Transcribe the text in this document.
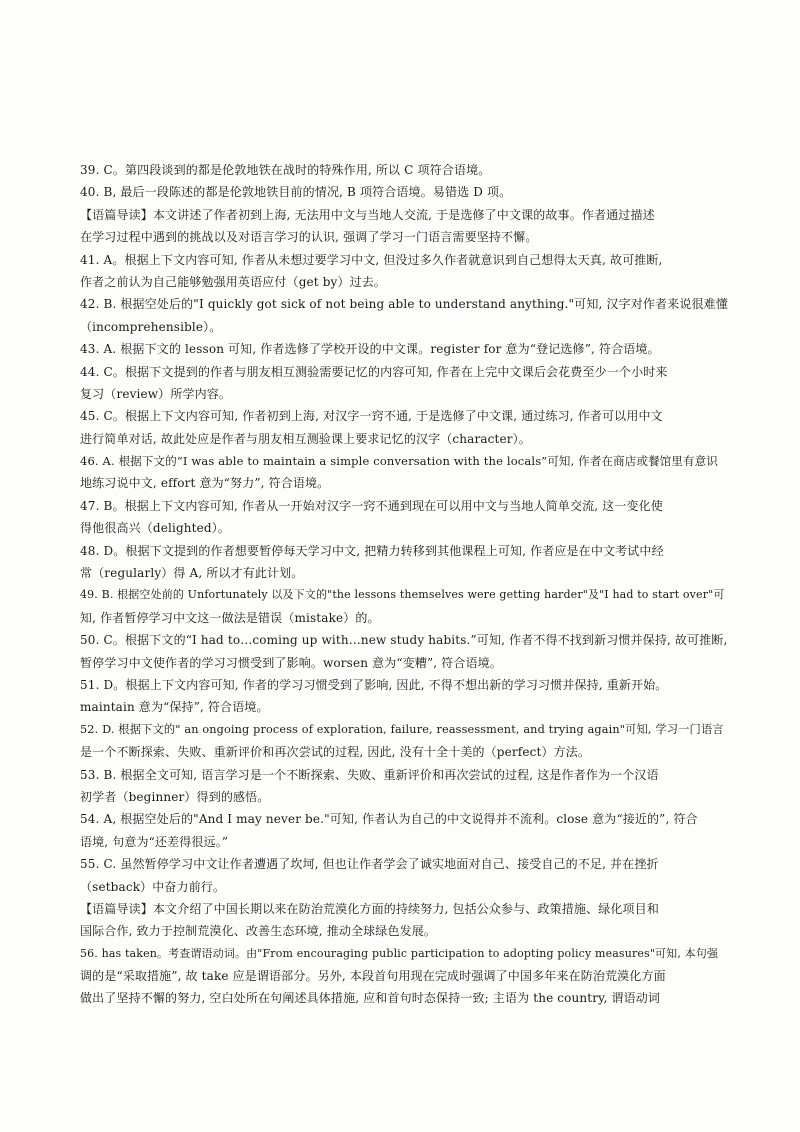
39. C。第四段谈到的都是伦敦地铁在战时的特殊作用, 所以 C 项符合语境。
40. B, 最后一段陈述的都是伦敦地铁目前的情况, B 项符合语境。易错选 D 项。
【语篇导读】本文讲述了作者初到上海, 无法用中文与当地人交流, 于是选修了中文课的故事。作者通过描述
在学习过程中遇到的挑战以及对语言学习的认识, 强调了学习一门语言需要坚持不懈。
41. A。根据上下文内容可知, 作者从未想过要学习中文, 但没过多久作者就意识到自己想得太天真, 故可推断,
作者之前认为自己能够勉强用英语应付（get by）过去。
42. B. 根据空处后的"I quickly got sick of not being able to understand anything."可知, 汉字对作者来说很难懂
（incomprehensible）。
43. A. 根据下文的 lesson 可知, 作者选修了学校开设的中文课。register for 意为“登记选修”, 符合语境。
44. C。根据下文提到的作者与朋友相互测验需要记忆的内容可知, 作者在上完中文课后会花费至少一个小时来
复习（review）所学内容。
45. C。根据上下文内容可知, 作者初到上海, 对汉字一窍不通, 于是选修了中文课, 通过练习, 作者可以用中文
进行简单对话, 故此处应是作者与朋友相互测验课上要求记忆的汉字（character）。
46. A. 根据下文的“I was able to maintain a simple conversation with the locals”可知, 作者在商店或餐馆里有意识
地练习说中文, effort 意为“努力”, 符合语境。
47. B。根据上下文内容可知, 作者从一开始对汉字一窍不通到现在可以用中文与当地人简单交流, 这一变化使
得他很高兴（delighted）。
48. D。根据下文提到的作者想要暂停每天学习中文, 把精力转移到其他课程上可知, 作者应是在中文考试中经
常（regularly）得 A, 所以才有此计划。
49. B. 根据空处前的 Unfortunately 以及下文的"the lessons themselves were getting harder"及"I had to start over"可
知, 作者暂停学习中文这一做法是错误（mistake）的。
50. C。根据下文的“I had to…coming up with…new study habits.”可知, 作者不得不找到新习惯并保持, 故可推断,
暂停学习中文使作者的学习习惯受到了影响。worsen 意为“变糟”, 符合语境。
51. D。根据上下文内容可知, 作者的学习习惯受到了影响, 因此, 不得不想出新的学习习惯并保持, 重新开始。
maintain 意为“保持”, 符合语境。
52. D. 根据下文的" an ongoing process of exploration, failure, reassessment, and trying again"可知, 学习一门语言
是一个不断探索、失败、重新评价和再次尝试的过程, 因此, 没有十全十美的（perfect）方法。
53. B. 根据全文可知, 语言学习是一个不断探索、失败、重新评价和再次尝试的过程, 这是作者作为一个汉语
初学者（beginner）得到的感悟。
54. A, 根据空处后的"And I may never be."可知, 作者认为自己的中文说得并不流利。close 意为“接近的”, 符合
语境, 句意为“还差得很远。”
55. C. 虽然暂停学习中文让作者遭遇了坎坷, 但也让作者学会了诚实地面对自己、接受自己的不足, 并在挫折
（setback）中奋力前行。
【语篇导读】本文介绍了中国长期以来在防治荒漠化方面的持续努力, 包括公众参与、政策措施、绿化项目和
国际合作, 致力于控制荒漠化、改善生态环境, 推动全球绿色发展。
56. has taken。考查谓语动词。由"From encouraging public participation to adopting policy measures"可知, 本句强
调的是“采取措施”, 故 take 应是谓语部分。另外, 本段首句用现在完成时强调了中国多年来在防治荒漠化方面
做出了坚持不懈的努力, 空白处所在句阐述具体措施, 应和首句时态保持一致; 主语为 the country, 谓语动词
